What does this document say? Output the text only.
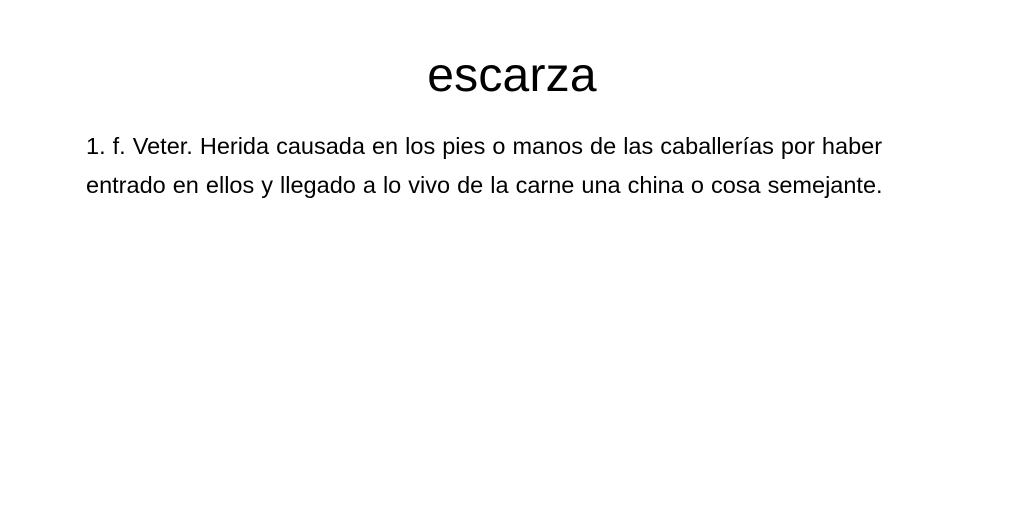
escarza

1. f. Veter. Herida causada en los pies o manos de las caballerías por haber entrado en ellos y llegado a lo vivo de la carne una china o cosa semejante.
